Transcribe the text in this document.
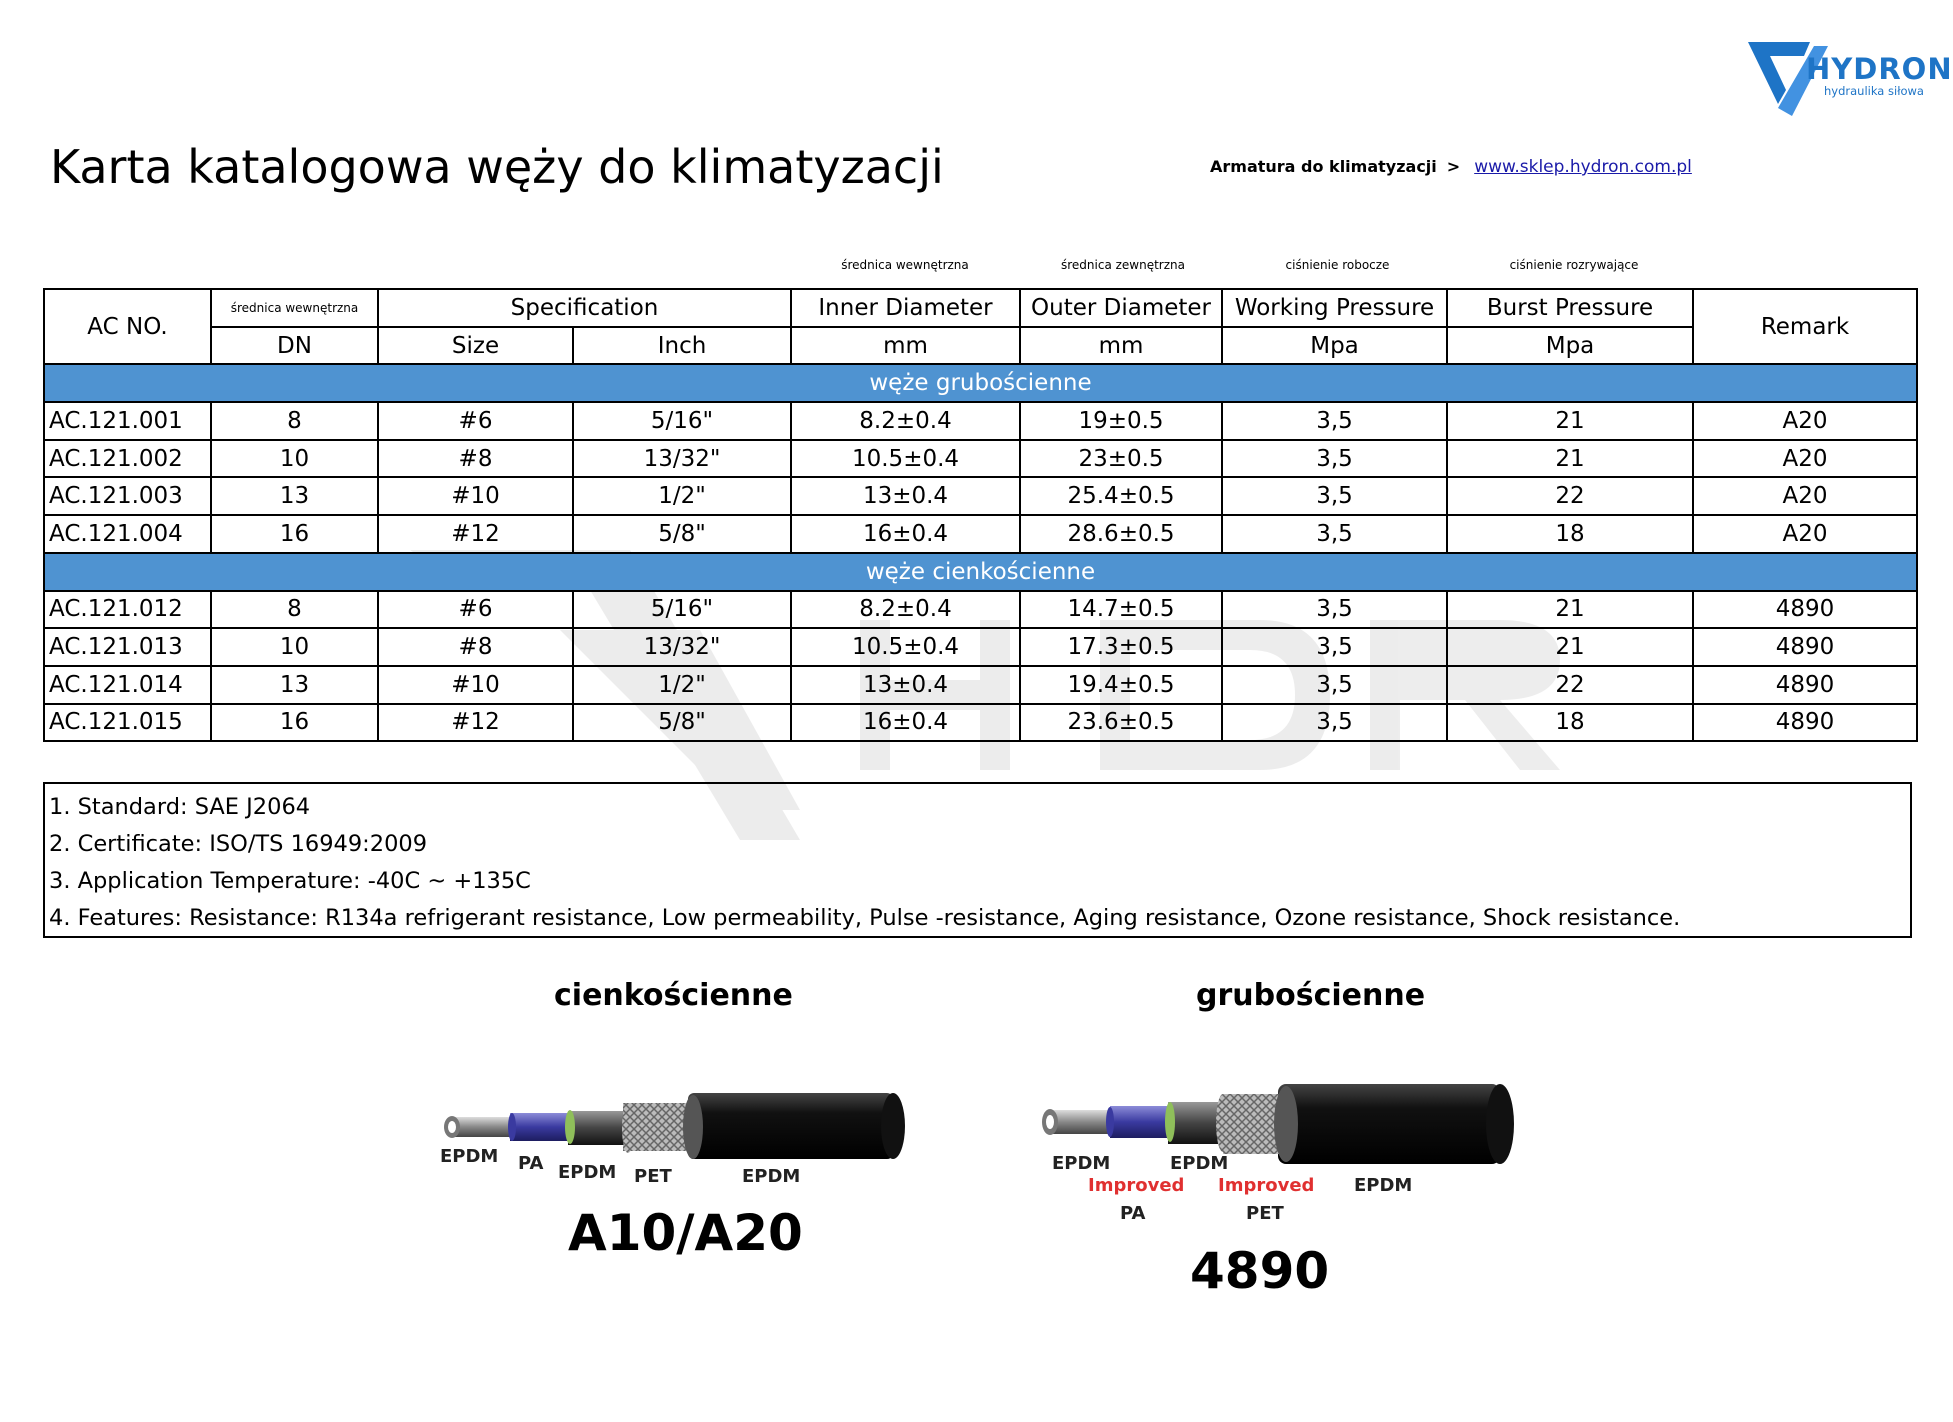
HYDRON
hydraulika siłowa
Karta katalogowa węży do klimatyzacji	Armatura do klimatyzacji > www.sklep.hydron.com.pl
średnica wewnętrzna	średnica zewnętrzna	ciśnienie robocze	ciśnienie rozrywające
AC NO.	średnica wewnętrzna	Specification		Inner Diameter	Outer Diameter	Working Pressure	Burst Pressure	Remark
	DN	Size	Inch	mm	mm	Mpa	Mpa	
węże grubościenne								
AC.121.001	8	#6	5/16"	8.2±0.4	19±0.5	3,5	21	A20
AC.121.002	10	#8	13/32"	10.5±0.4	23±0.5	3,5	21	A20
AC.121.003	13	#10	1/2"	13±0.4	25.4±0.5	3,5	22	A20
AC.121.004	16	#12	5/8"	16±0.4	28.6±0.5	3,5	18	A20
węże cienkościenne								
AC.121.012	8	#6	5/16"	8.2±0.4	14.7±0.5	3,5	21	4890
AC.121.013	10	#8	13/32"	10.5±0.4	17.3±0.5	3,5	21	4890
AC.121.014	13	#10	1/2"	13±0.4	19.4±0.5	3,5	22	4890
AC.121.015	16	#12	5/8"	16±0.4	23.6±0.5	3,5	18	4890
1. Standard: SAE J2064
2. Certificate: ISO/TS 16949:2009
3. Application Temperature: -40C ~ +135C
4. Features: Resistance: R134a refrigerant resistance, Low permeability, Pulse -resistance, Aging resistance, Ozone resistance, Shock resistance.
cienkościenne
EPDM PA EPDM PET	EPDM
A10/A20
grubościenne
EPDM
Improved
PA
EPDM
Improved
PET
EPDM
4890
